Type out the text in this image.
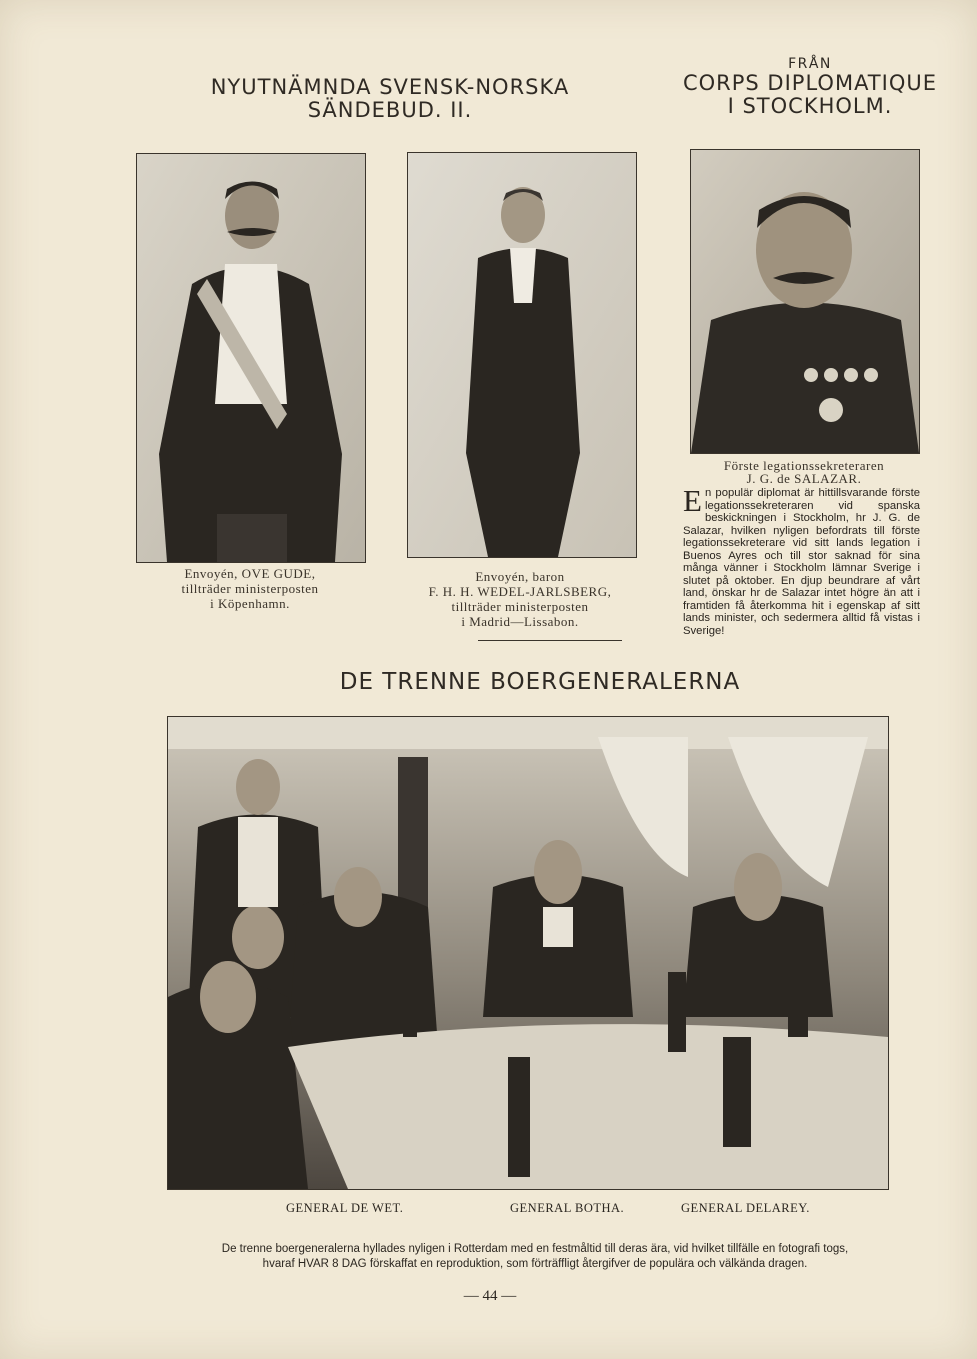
NYUTNÄMNDA SVENSK-NORSKA
SÄNDEBUD. II.
FRÅN
CORPS DIPLOMATIQUE
I STOCKHOLM.
Envoyén, OVE GUDE,
tillträder ministerposten
i Köpenhamn.
Envoyén, baron
F. H. H. WEDEL-JARLSBERG,
tillträder ministerposten
i Madrid—Lissabon.
Förste legationssekreteraren
J. G. de SALAZAR.
En populär diplomat är hittillsvarande förste legationssekreteraren vid spanska beskickningen i Stockholm, hr J. G. de Salazar, hvilken nyligen befordrats till förste legationssekreterare vid sitt lands legation i Buenos Ayres och till stor saknad för sina många vänner i Stockholm lämnar Sverige i slutet på oktober. En djup beundrare af vårt land, önskar hr de Salazar intet högre än att i framtiden få återkomma hit i egenskap af sitt lands minister, och sedermera alltid få vistas i Sverige!
DE TRENNE BOERGENERALERNA
GENERAL DE WET.	GENERAL BOTHA.	GENERAL DELAREY.
De trenne boergeneralerna hyllades nyligen i Rotterdam med en festmåltid till deras ära, vid hvilket tillfälle en fotografi togs,
hvaraf HVAR 8 DAG förskaffat en reproduktion, som förträffligt återgifver de populära och välkända dragen.
— 44 —
